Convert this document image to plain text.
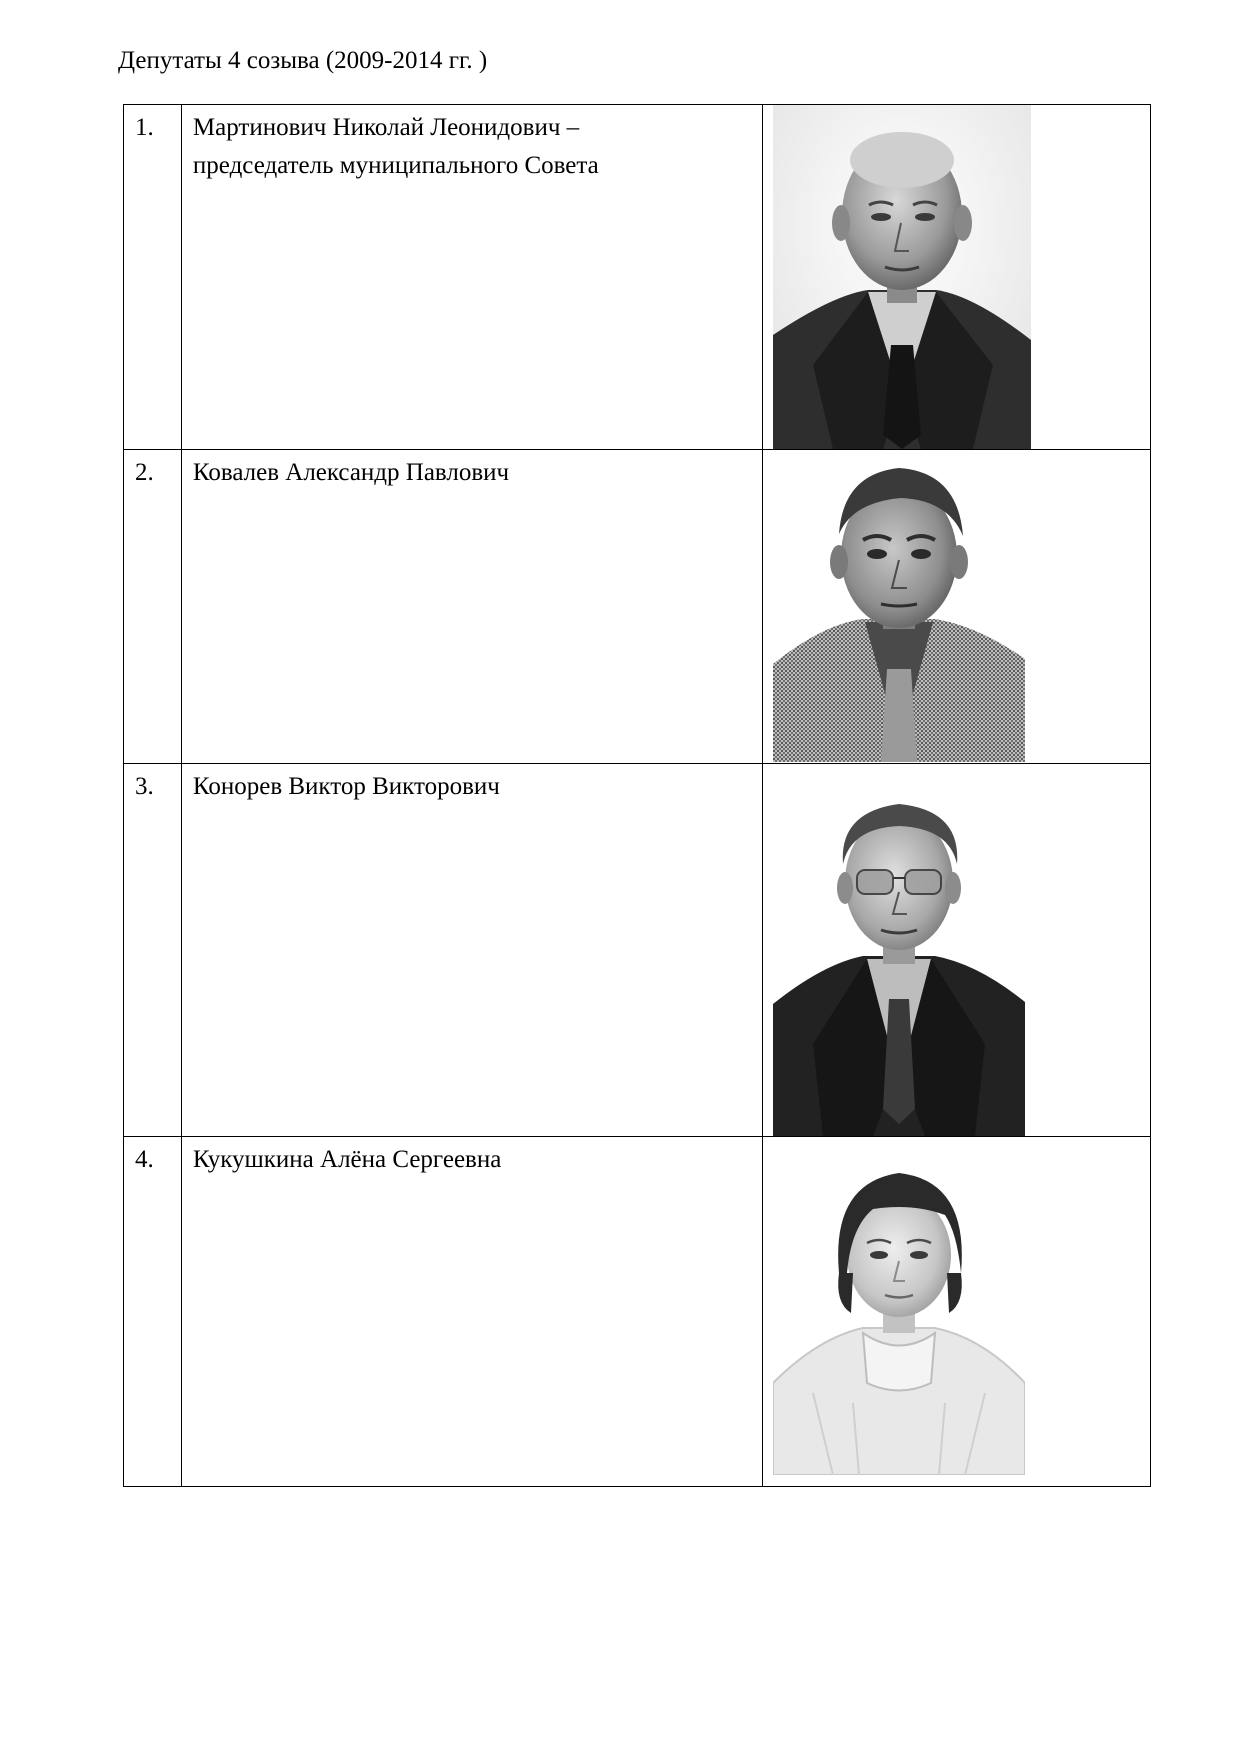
Депутаты 4 созыва (2009-2014 гг. )
1.	Мартинович Николай Леонидович –
председатель муниципального Совета

2.	Ковалев Александр Павлович

3.	Конорев Виктор Викторович

4.	Кукушкина Алёна Сергеевна
